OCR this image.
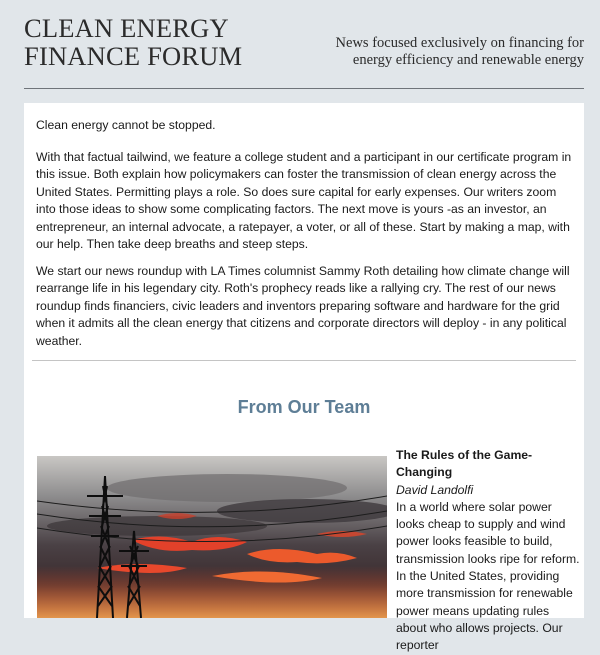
CLEAN ENERGY
FINANCE FORUM	News focused exclusively on financing for
energy efficiency and renewable energy

Clean energy cannot be stopped.

With that factual tailwind, we feature a college student and a participant in our certificate program in this issue. Both explain how policymakers can foster the transmission of clean energy across the United States. Permitting plays a role. So does sure capital for early expenses. Our writers zoom into those ideas to show some complicating factors. The next move is yours -as an investor, an entrepreneur, an internal advocate, a ratepayer, a voter, or all of these. Start by making a map, with our help. Then take deep breaths and steep steps.

We start our news roundup with LA Times columnist Sammy Roth detailing how climate change will rearrange life in his legendary city. Roth's prophecy reads like a rallying cry. The rest of our news roundup finds financiers, civic leaders and inventors preparing software and hardware for the grid when it admits all the clean energy that citizens and corporate directors will deploy - in any political weather.

From Our Team
The Rules of the Game-Changing
David Landolfi
In a world where solar power looks cheap to supply and wind power looks feasible to build, transmission looks ripe for reform. In the United States, providing more transmission for renewable power means updating rules about who allows projects. Our reporter
